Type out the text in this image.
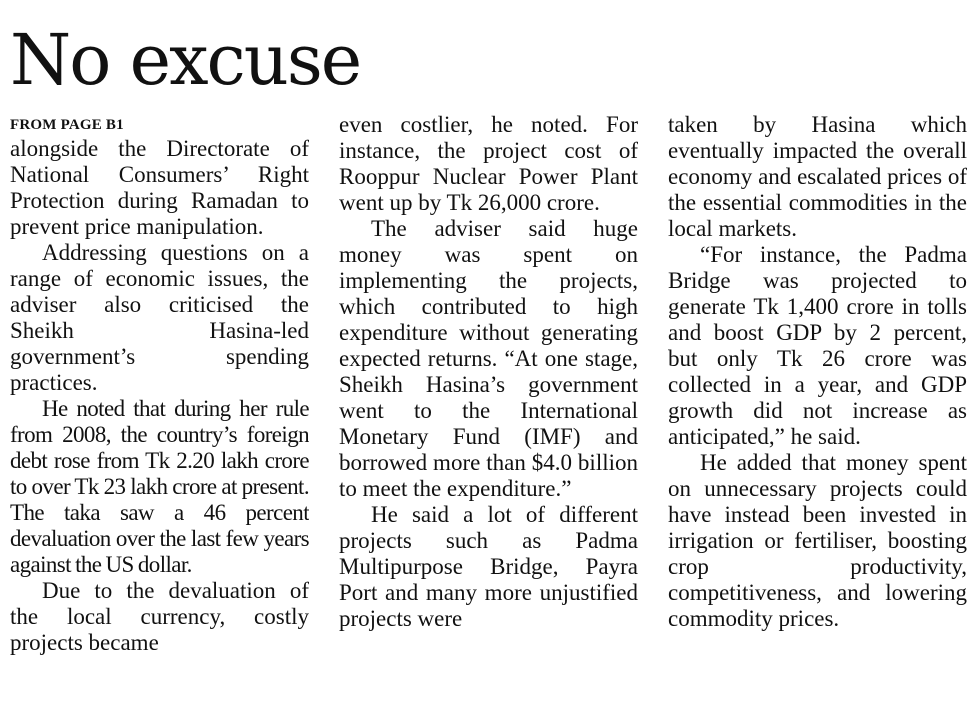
No excuse

FROM PAGE B1

alongside the Directorate of National Consumers’ Right Protection during Ramadan to prevent price manipulation.

Addressing questions on a range of economic issues, the adviser also criticised the Sheikh Hasina-led government’s spending practices.

He noted that during her rule from 2008, the country’s foreign debt rose from Tk 2.20 lakh crore to over Tk 23 lakh crore at present. The taka saw a 46 percent devaluation over the last few years against the US dollar.

Due to the devaluation of the local currency, costly projects became

even costlier, he noted. For instance, the project cost of Rooppur Nuclear Power Plant went up by Tk 26,000 crore.

The adviser said huge money was spent on implementing the projects, which contributed to high expenditure without generating expected returns. “At one stage, Sheikh Hasina’s government went to the International Monetary Fund (IMF) and borrowed more than $4.0 billion to meet the expenditure.”

He said a lot of different projects such as Padma Multipurpose Bridge, Payra Port and many more unjustified projects were

taken by Hasina which eventually impacted the overall economy and escalated prices of the essential commodities in the local markets.

“For instance, the Padma Bridge was projected to generate Tk 1,400 crore in tolls and boost GDP by 2 percent, but only Tk 26 crore was collected in a year, and GDP growth did not increase as anticipated,” he said.

He added that money spent on unnecessary projects could have instead been invested in irrigation or fertiliser, boosting crop productivity, competitiveness, and lowering commodity prices.
